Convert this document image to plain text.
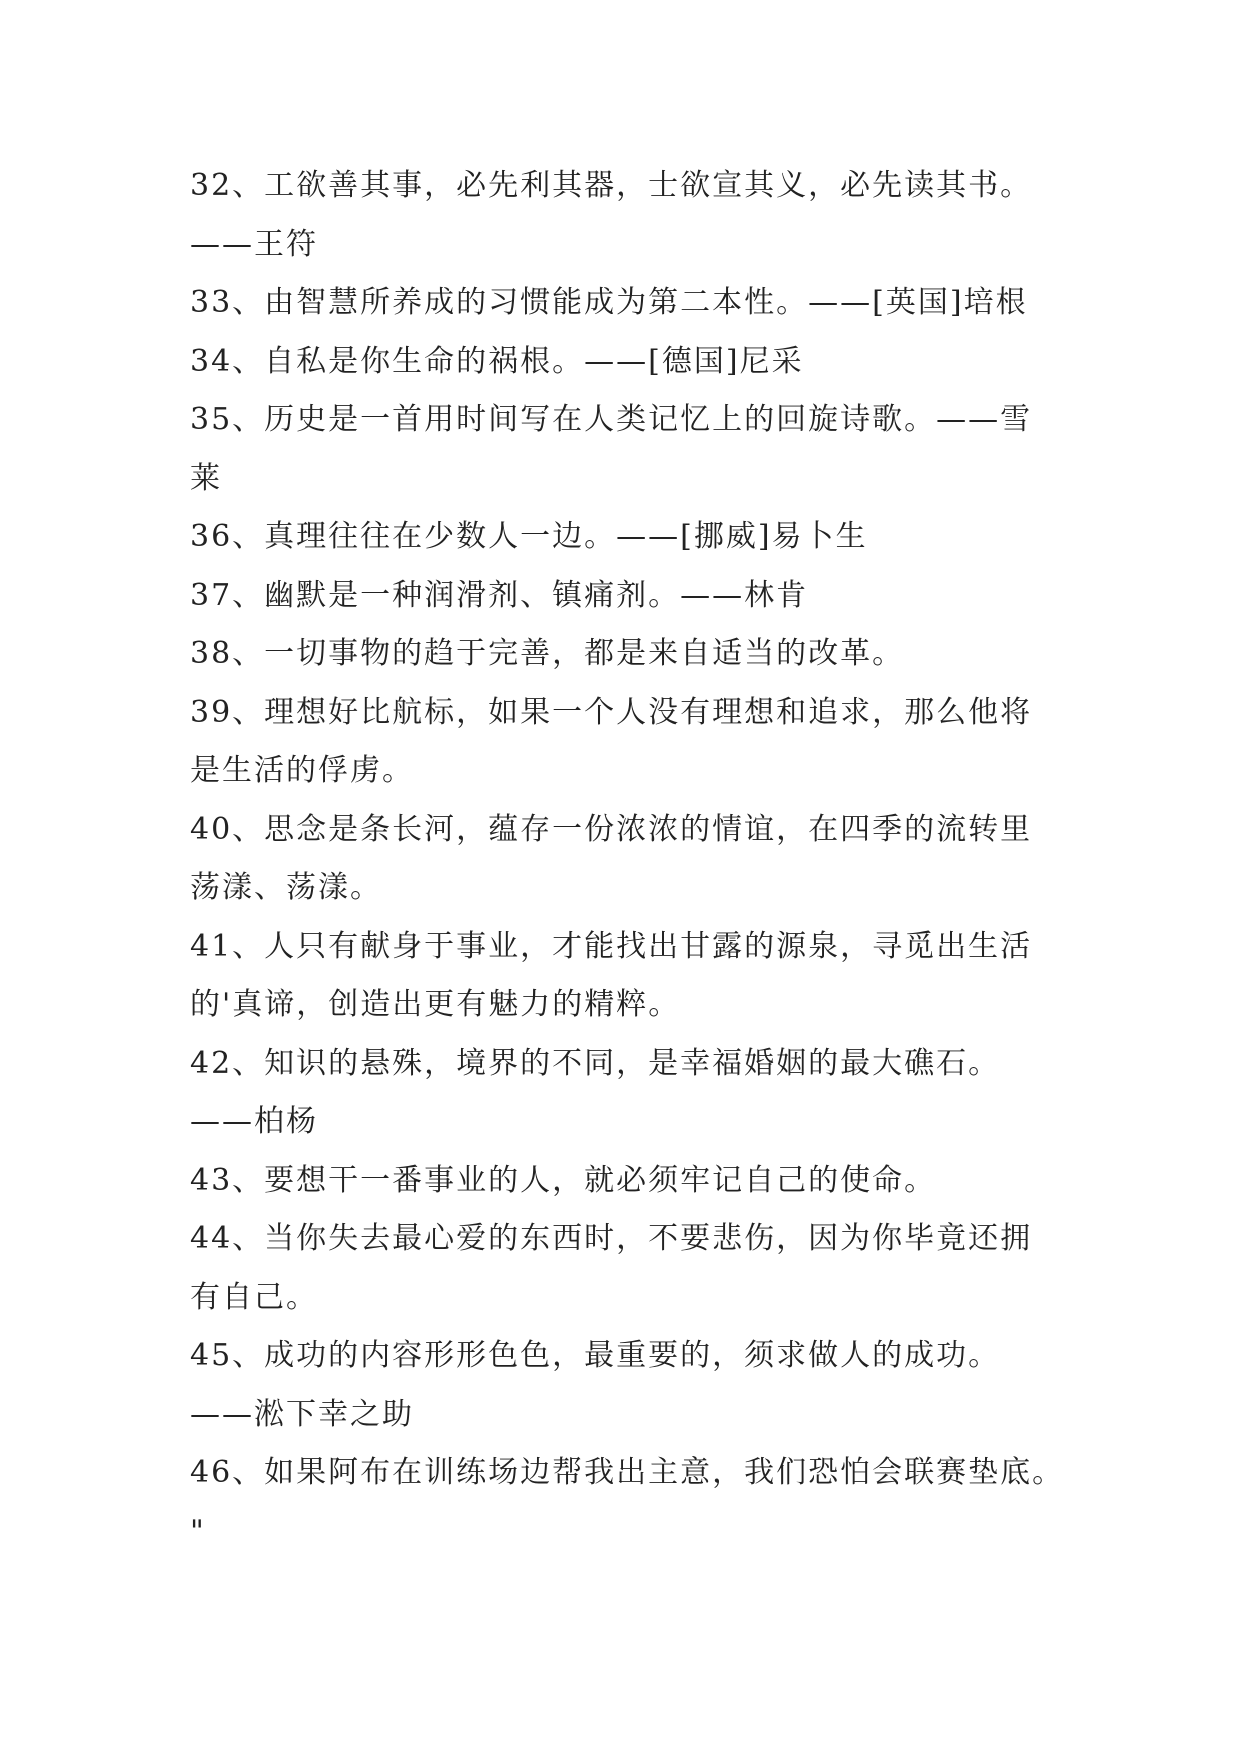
32、工欲善其事，必先利其器，士欲宣其义，必先读其书。
——王符
33、由智慧所养成的习惯能成为第二本性。——[英国]培根
34、自私是你生命的祸根。——[德国]尼采
35、历史是一首用时间写在人类记忆上的回旋诗歌。——雪
莱
36、真理往往在少数人一边。——[挪威]易卜生
37、幽默是一种润滑剂、镇痛剂。——林肯
38、一切事物的趋于完善，都是来自适当的改革。
39、理想好比航标，如果一个人没有理想和追求，那么他将
是生活的俘虏。
40、思念是条长河，蕴存一份浓浓的情谊，在四季的流转里
荡漾、荡漾。
41、人只有献身于事业，才能找出甘露的源泉，寻觅出生活
的'真谛，创造出更有魅力的精粹。
42、知识的悬殊，境界的不同，是幸福婚姻的最大礁石。
——柏杨
43、要想干一番事业的人，就必须牢记自己的使命。
44、当你失去最心爱的东西时，不要悲伤，因为你毕竟还拥
有自己。
45、成功的内容形形色色，最重要的，须求做人的成功。
——淞下幸之助
46、如果阿布在训练场边帮我出主意，我们恐怕会联赛垫底。
"
